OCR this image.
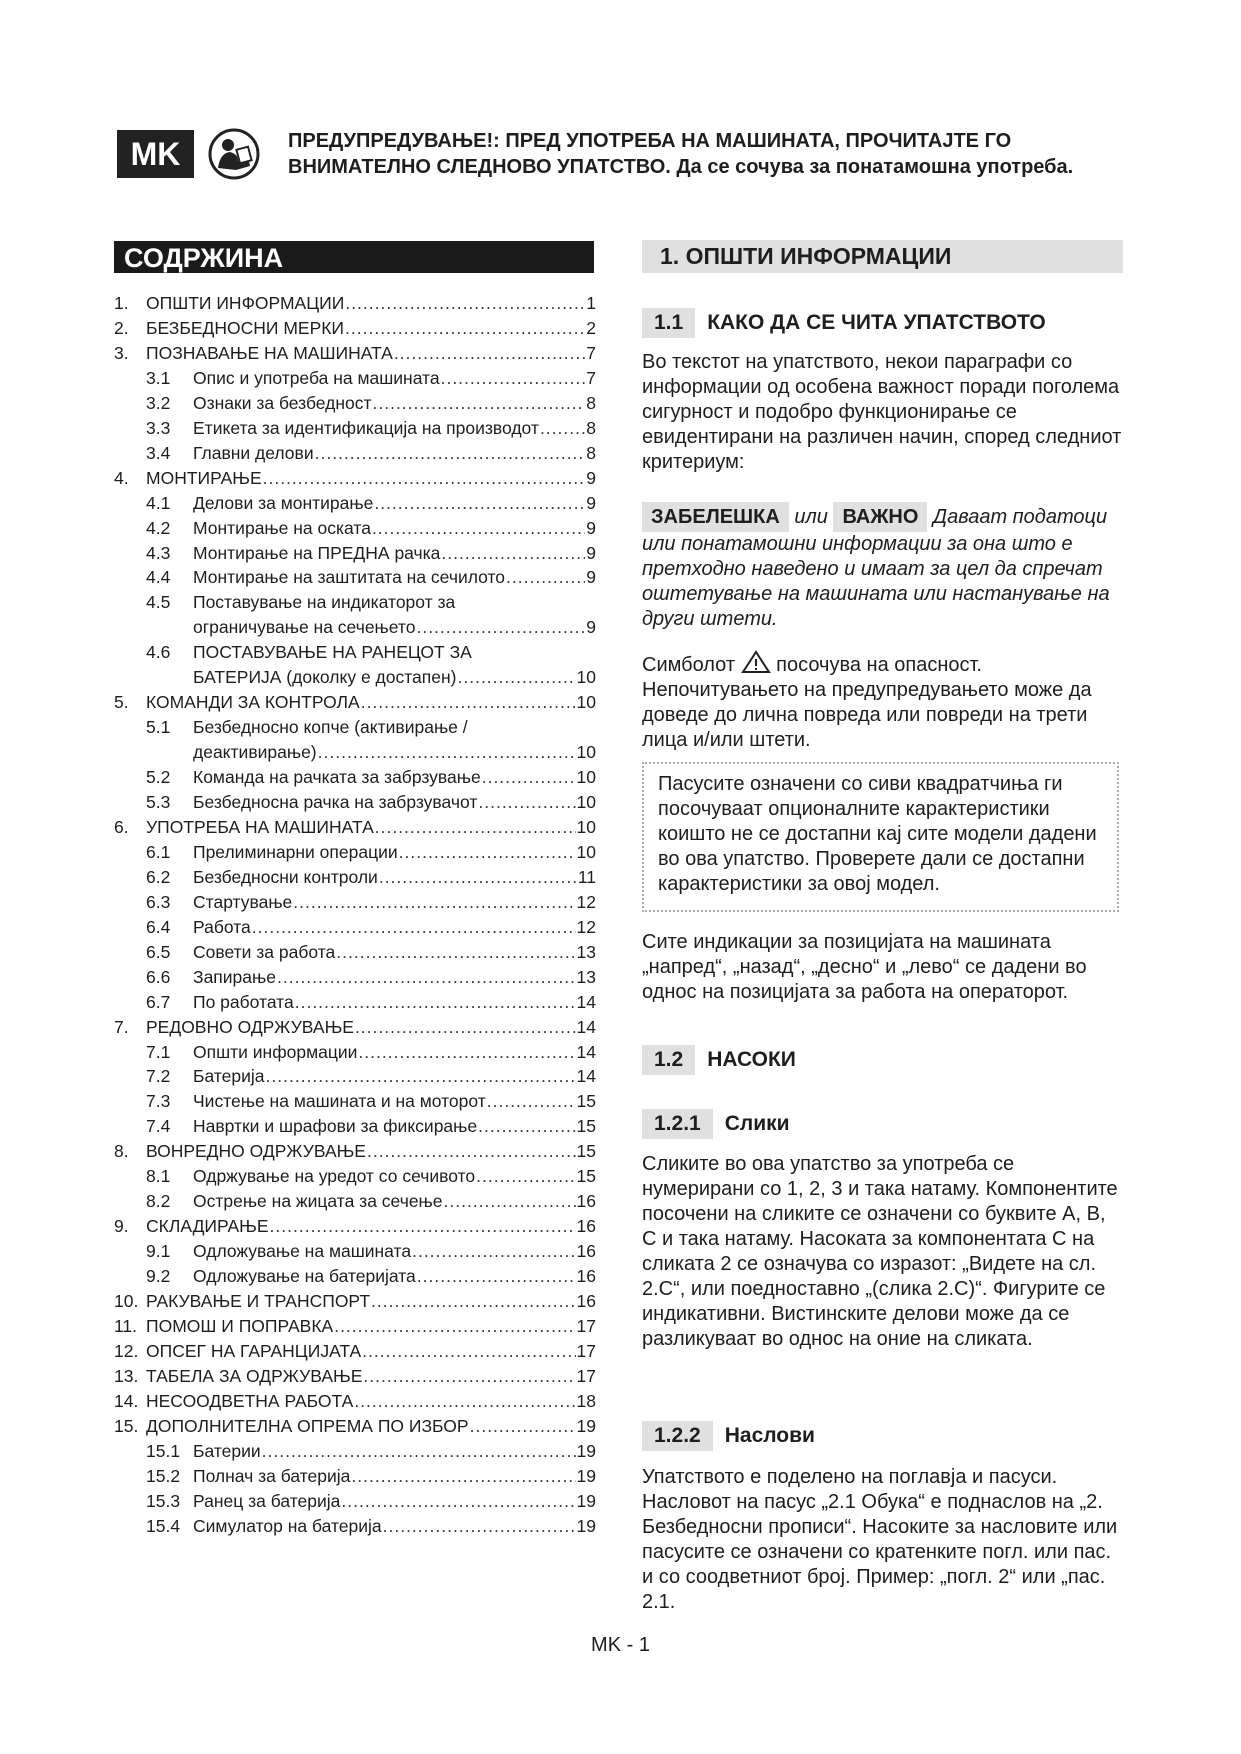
MK	ПРЕДУПРЕДУВАЊЕ!: ПРЕД УПОТРЕБА НА МАШИНАТА, ПРОЧИТАЈТЕ ГО
ВНИМАТЕЛНО СЛЕДНОВО УПАТСТВО. Да се сочува за понатамошна употреба.
СОДРЖИНА
1. ОПШТИ ИНФОРМАЦИИ .....	1
2. БЕЗБЕДНОСНИ МЕРКИ .....	2
3. ПОЗНАВАЊЕ НА МАШИНАТА .....	7
3.1	Опис и употреба на машината .....	7
3.2	Ознаки за безбедност .....	8
3.3	Етикета за идентификација на производот .....	8
3.4	Главни делови .....	8
4. МОНТИРАЊЕ .....	9
4.1	Делови за монтирање .....	9
4.2	Монтирање на оската .....	9
4.3	Монтирање на ПРЕДНА рачка .....	9
4.4	Монтирање на заштитата на сечилото .....	9
4.5	Поставување на индикаторот за
ограничување на сечењето .....	9
4.6	ПОСТАВУВАЊЕ НА РАНЕЦОТ ЗА
БАТЕРИЈА (доколку е достапен) .....	10
5. КОМАНДИ ЗА КОНТРОЛА .....	10
5.1	Безбедносно копче (активирање /
деактивирање) .....	10
5.2	Команда на рачката за забрзување .....	10
5.3	Безбедносна рачка на забрзувачот .....	10
6. УПОТРЕБА НА МАШИНАТА .....	10
6.1	Прелиминарни операции .....	10
6.2	Безбедносни контроли .....	11
6.3	Стартување .....	12
6.4	Работа .....	12
6.5	Совети за работа .....	13
6.6	Запирање .....	13
6.7	По работата .....	14
7. РЕДОВНО ОДРЖУВАЊЕ .....	14
7.1	Општи информации .....	14
7.2	Батерија .....	14
7.3	Чистење на машината и на моторот .....	15
7.4	Навртки и шрафови за фиксирање .....	15
8. ВОНРЕДНО ОДРЖУВАЊЕ .....	15
8.1	Одржување на уредот со сечивото .....	15
8.2	Острење на жицата за сечење .....	16
9. СКЛАДИРАЊЕ .....	16
9.1	Одложување на машината .....	16
9.2	Одложување на батеријата .....	16
10. РАКУВАЊЕ И ТРАНСПОРТ .....	16
11. ПОМОШ И ПОПРАВКА .....	17
12. ОПСЕГ НА ГАРАНЦИЈАТА .....	17
13. ТАБЕЛА ЗА ОДРЖУВАЊЕ .....	17
14. НЕСООДВЕТНА РАБОТА .....	18
15. ДОПОЛНИТЕЛНА ОПРЕМА ПО ИЗБОР .....	19
15.1 Батерии .....	19
15.2 Полнач за батерија .....	19
15.3 Ранец за батерија .....	19
15.4 Симулатор на батерија .....	19
1. ОПШТИ ИНФОРМАЦИИ
1.1	КАКО ДА СЕ ЧИТА УПАТСТВОТО
Во текстот на упатството, некои параграфи со информации од особена важност поради поголема сигурност и подобро функционирање се евидентирани на различен начин, според следниот критериум:
ЗАБЕЛЕШКА или ВАЖНО Даваат податоци или понатамошни информации за она што е претходно наведено и имаат за цел да спречат оштетување на машината или настанување на други штети.
Симболот посочува на опасност. Непочитувањето на предупредувањето може да доведе до лична повреда или повреди на трети лица и/или штети.
Пасусите означени со сиви квадратчиња ги посочуваат опционалните карактеристики коишто не се достапни кај сите модели дадени во ова упатство. Проверете дали се достапни карактеристики за овој модел.
Сите индикации за позицијата на машината „напред“, „назад“, „десно“ и „лево“ се дадени во однос на позицијата за работа на операторот.
1.2	НАСОКИ
1.2.1	Слики
Сликите во ова упатство за употреба се нумерирани со 1, 2, 3 и така натаму. Компонентите посочени на сликите се означени со буквите A, B, C и така натаму. Насоката за компонентата C на сликата 2 се означува со изразот: „Видете на сл. 2.C“, или поедноставно „(слика 2.C)“. Фигурите се индикативни. Вистинските делови може да се разликуваат во однос на оние на сликата.
1.2.2	Наслови
Упатството е поделено на поглавја и пасуси. Насловот на пасус „2.1 Обука“ е поднаслов на „2. Безбедносни прописи“. Насоките за насловите или пасусите се означени со кратенките погл. или пас. и со соодветниот број. Пример: „погл. 2“ или „пас. 2.1.
MK - 1
